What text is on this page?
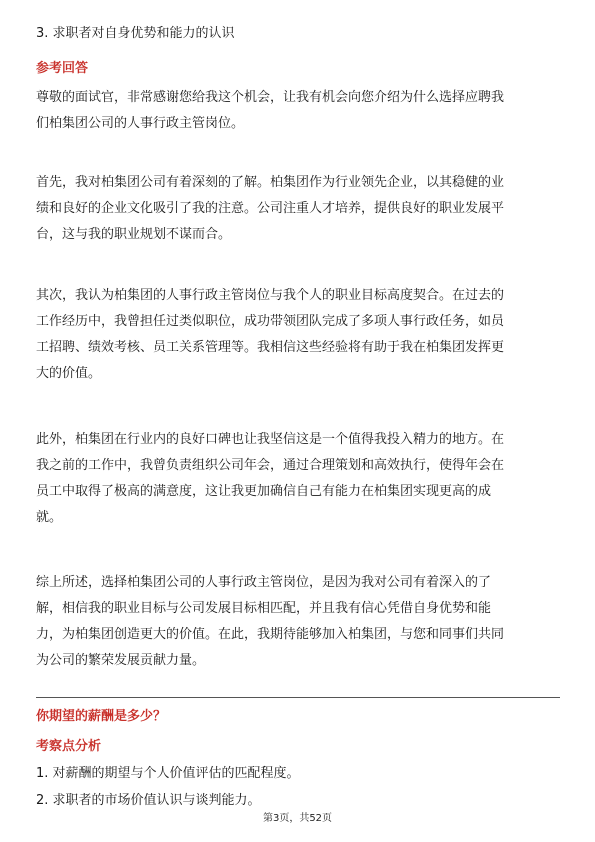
3. 求职者对自身优势和能力的认识
参考回答
尊敬的面试官，非常感谢您给我这个机会，让我有机会向您介绍为什么选择应聘我
们柏集团公司的人事行政主管岗位。
首先，我对柏集团公司有着深刻的了解。柏集团作为行业领先企业，以其稳健的业
绩和良好的企业文化吸引了我的注意。公司注重人才培养，提供良好的职业发展平
台，这与我的职业规划不谋而合。
其次，我认为柏集团的人事行政主管岗位与我个人的职业目标高度契合。在过去的
工作经历中，我曾担任过类似职位，成功带领团队完成了多项人事行政任务，如员
工招聘、绩效考核、员工关系管理等。我相信这些经验将有助于我在柏集团发挥更
大的价值。
此外，柏集团在行业内的良好口碑也让我坚信这是一个值得我投入精力的地方。在
我之前的工作中，我曾负责组织公司年会，通过合理策划和高效执行，使得年会在
员工中取得了极高的满意度，这让我更加确信自己有能力在柏集团实现更高的成
就。
综上所述，选择柏集团公司的人事行政主管岗位，是因为我对公司有着深入的了
解，相信我的职业目标与公司发展目标相匹配，并且我有信心凭借自身优势和能
力，为柏集团创造更大的价值。在此，我期待能够加入柏集团，与您和同事们共同
为公司的繁荣发展贡献力量。
你期望的薪酬是多少？
考察点分析
1. 对薪酬的期望与个人价值评估的匹配程度。
2. 求职者的市场价值认识与谈判能力。
第3页，共52页
